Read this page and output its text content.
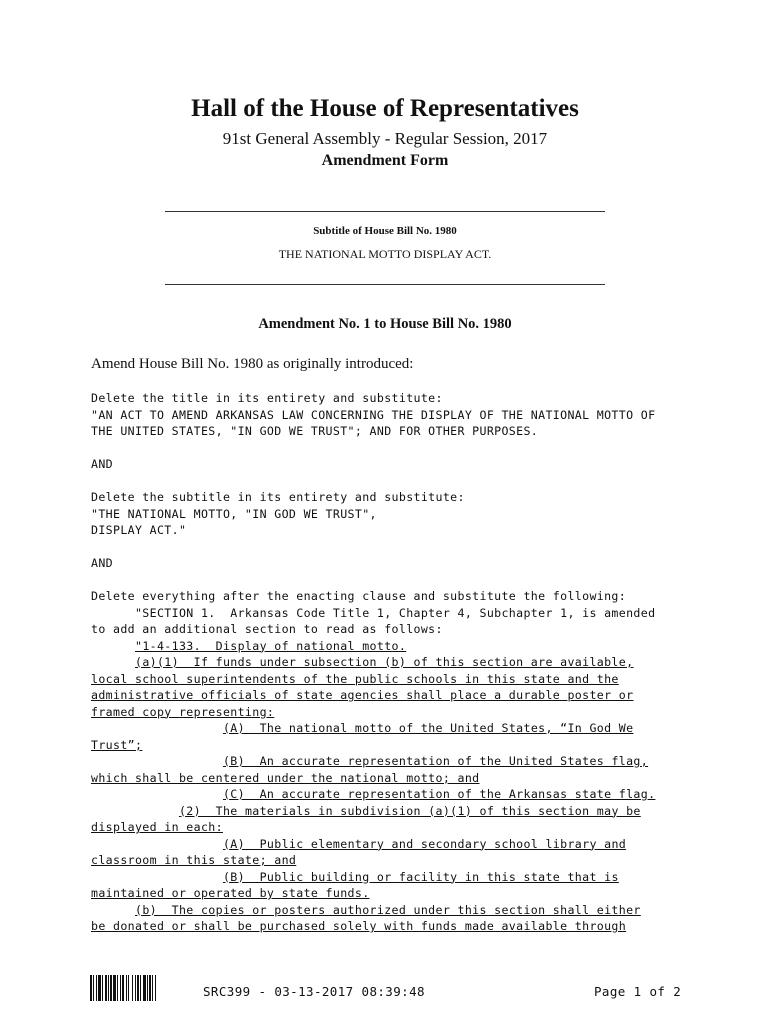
Hall of the House of Representatives
91st General Assembly - Regular Session, 2017
Amendment Form
Subtitle of House Bill No. 1980
THE NATIONAL MOTTO DISPLAY ACT.
Amendment No. 1 to House Bill No. 1980
Amend House Bill No. 1980 as originally introduced:
Delete the title in its entirety and substitute:
"AN ACT TO AMEND ARKANSAS LAW CONCERNING THE DISPLAY OF THE NATIONAL MOTTO OF
THE UNITED STATES, "IN GOD WE TRUST"; AND FOR OTHER PURPOSES.
AND
Delete the subtitle in its entirety and substitute:
"THE NATIONAL MOTTO, "IN GOD WE TRUST",
DISPLAY ACT."
AND
Delete everything after the enacting clause and substitute the following:
"SECTION 1.  Arkansas Code Title 1, Chapter 4, Subchapter 1, is amended
to add an additional section to read as follows:
"1-4-133.  Display of national motto.
(a)(1)  If funds under subsection (b) of this section are available,
local school superintendents of the public schools in this state and the
administrative officials of state agencies shall place a durable poster or
framed copy representing:
(A)  The national motto of the United States, “In God We
Trust”;
(B)  An accurate representation of the United States flag,
which shall be centered under the national motto; and
(C)  An accurate representation of the Arkansas state flag.
(2)  The materials in subdivision (a)(1) of this section may be
displayed in each:
(A)  Public elementary and secondary school library and
classroom in this state; and
(B)  Public building or facility in this state that is
maintained or operated by state funds.
(b)  The copies or posters authorized under this section shall either
be donated or shall be purchased solely with funds made available through
SRC399 - 03-13-2017 08:39:48	Page 1 of 2
